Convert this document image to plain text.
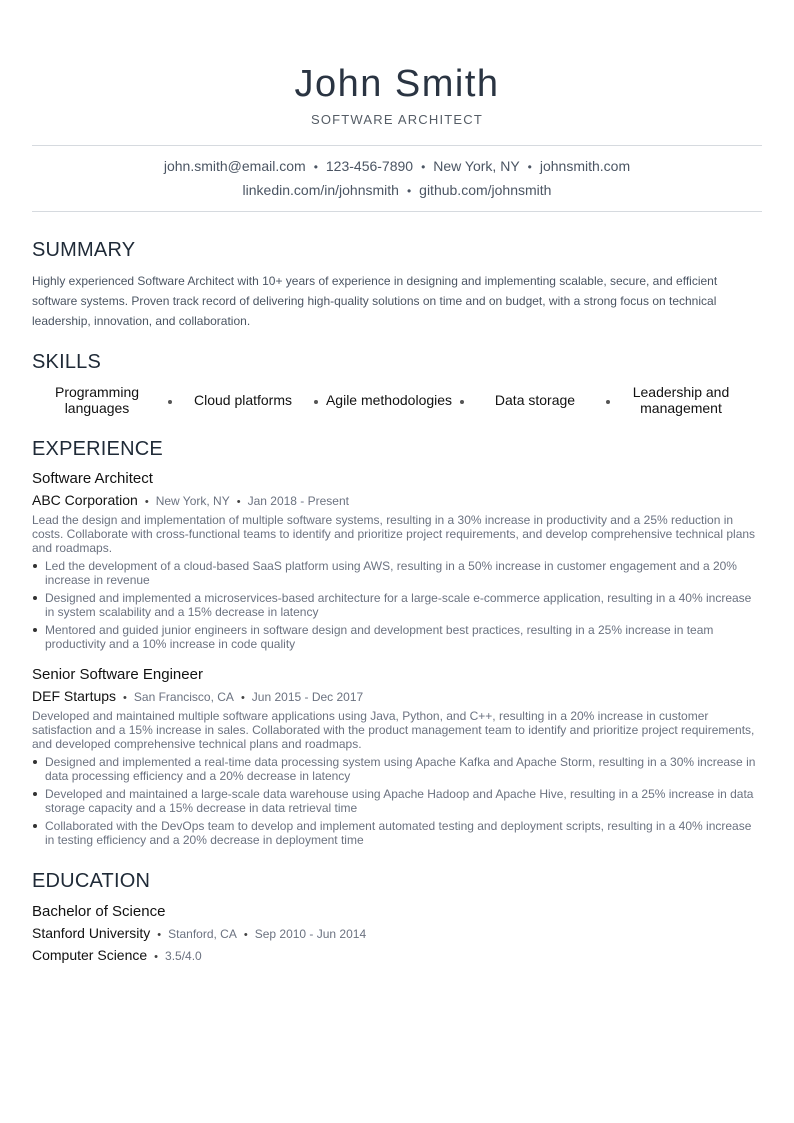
John Smith
SOFTWARE ARCHITECT
john.smith@email.com • 123-456-7890 • New York, NY • johnsmith.com
linkedin.com/in/johnsmith • github.com/johnsmith
SUMMARY
Highly experienced Software Architect with 10+ years of experience in designing and implementing scalable, secure, and efficient software systems. Proven track record of delivering high-quality solutions on time and on budget, with a strong focus on technical leadership, innovation, and collaboration.
SKILLS
Programming languages	Cloud platforms	Agile methodologies	Data storage	Leadership and management
EXPERIENCE
Software Architect
ABC Corporation • New York, NY • Jan 2018 - Present
Lead the design and implementation of multiple software systems, resulting in a 30% increase in productivity and a 25% reduction in costs. Collaborate with cross-functional teams to identify and prioritize project requirements, and develop comprehensive technical plans and roadmaps.
Led the development of a cloud-based SaaS platform using AWS, resulting in a 50% increase in customer engagement and a 20% increase in revenue
Designed and implemented a microservices-based architecture for a large-scale e-commerce application, resulting in a 40% increase in system scalability and a 15% decrease in latency
Mentored and guided junior engineers in software design and development best practices, resulting in a 25% increase in team productivity and a 10% increase in code quality
Senior Software Engineer
DEF Startups • San Francisco, CA • Jun 2015 - Dec 2017
Developed and maintained multiple software applications using Java, Python, and C++, resulting in a 20% increase in customer satisfaction and a 15% increase in sales. Collaborated with the product management team to identify and prioritize project requirements, and developed comprehensive technical plans and roadmaps.
Designed and implemented a real-time data processing system using Apache Kafka and Apache Storm, resulting in a 30% increase in data processing efficiency and a 20% decrease in latency
Developed and maintained a large-scale data warehouse using Apache Hadoop and Apache Hive, resulting in a 25% increase in data storage capacity and a 15% decrease in data retrieval time
Collaborated with the DevOps team to develop and implement automated testing and deployment scripts, resulting in a 40% increase in testing efficiency and a 20% decrease in deployment time
EDUCATION
Bachelor of Science
Stanford University • Stanford, CA • Sep 2010 - Jun 2014
Computer Science • 3.5/4.0
